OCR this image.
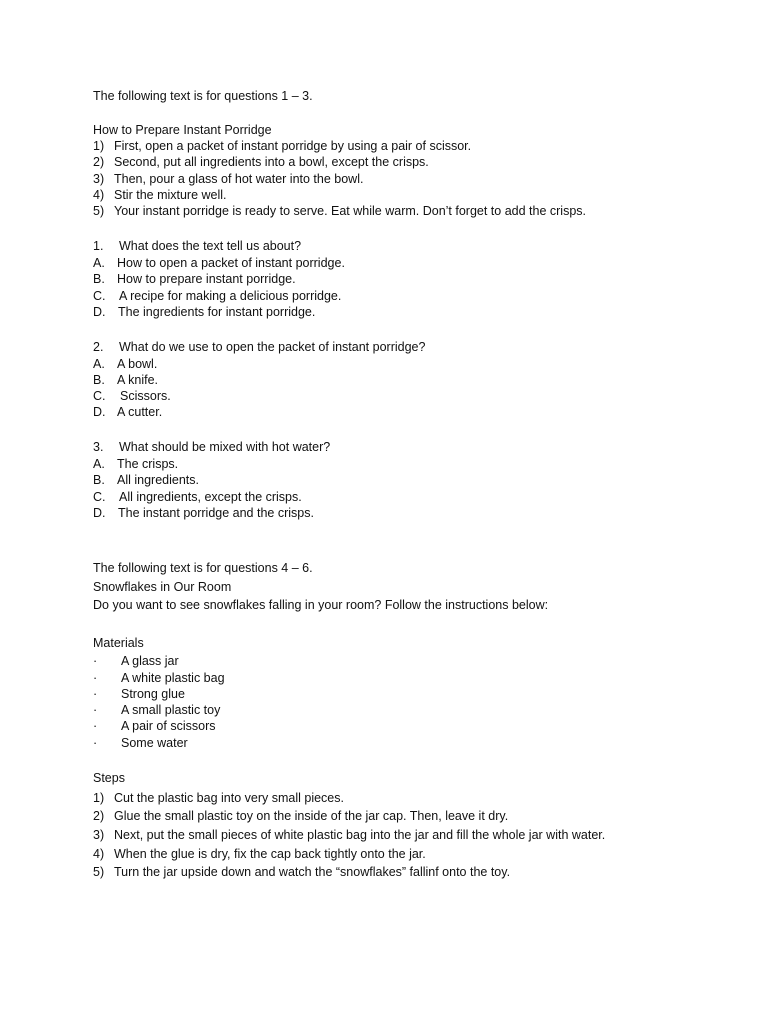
The following text is for questions 1 – 3.
How to Prepare Instant Porridge
1) First, open a packet of instant porridge by using a pair of scissor.
2) Second, put all ingredients into a bowl, except the crisps.
3) Then, pour a glass of hot water into the bowl.
4) Stir the mixture well.
5) Your instant porridge is ready to serve. Eat while warm. Don’t forget to add the crisps.
1. What does the text tell us about?
A. How to open a packet of instant porridge.
B. How to prepare instant porridge.
C. A recipe for making a delicious porridge.
D. The ingredients for instant porridge.
2. What do we use to open the packet of instant porridge?
A. A bowl.
B. A knife.
C. Scissors.
D. A cutter.
3. What should be mixed with hot water?
A. The crisps.
B. All ingredients.
C. All ingredients, except the crisps.
D. The instant porridge and the crisps.
The following text is for questions 4 – 6.
Snowflakes in Our Room
Do you want to see snowflakes falling in your room? Follow the instructions below:
Materials
· A glass jar
· A white plastic bag
· Strong glue
· A small plastic toy
· A pair of scissors
· Some water
Steps
1) Cut the plastic bag into very small pieces.
2) Glue the small plastic toy on the inside of the jar cap. Then, leave it dry.
3) Next, put the small pieces of white plastic bag into the jar and fill the whole jar with water.
4) When the glue is dry, fix the cap back tightly onto the jar.
5) Turn the jar upside down and watch the “snowflakes” fallinf onto the toy.
